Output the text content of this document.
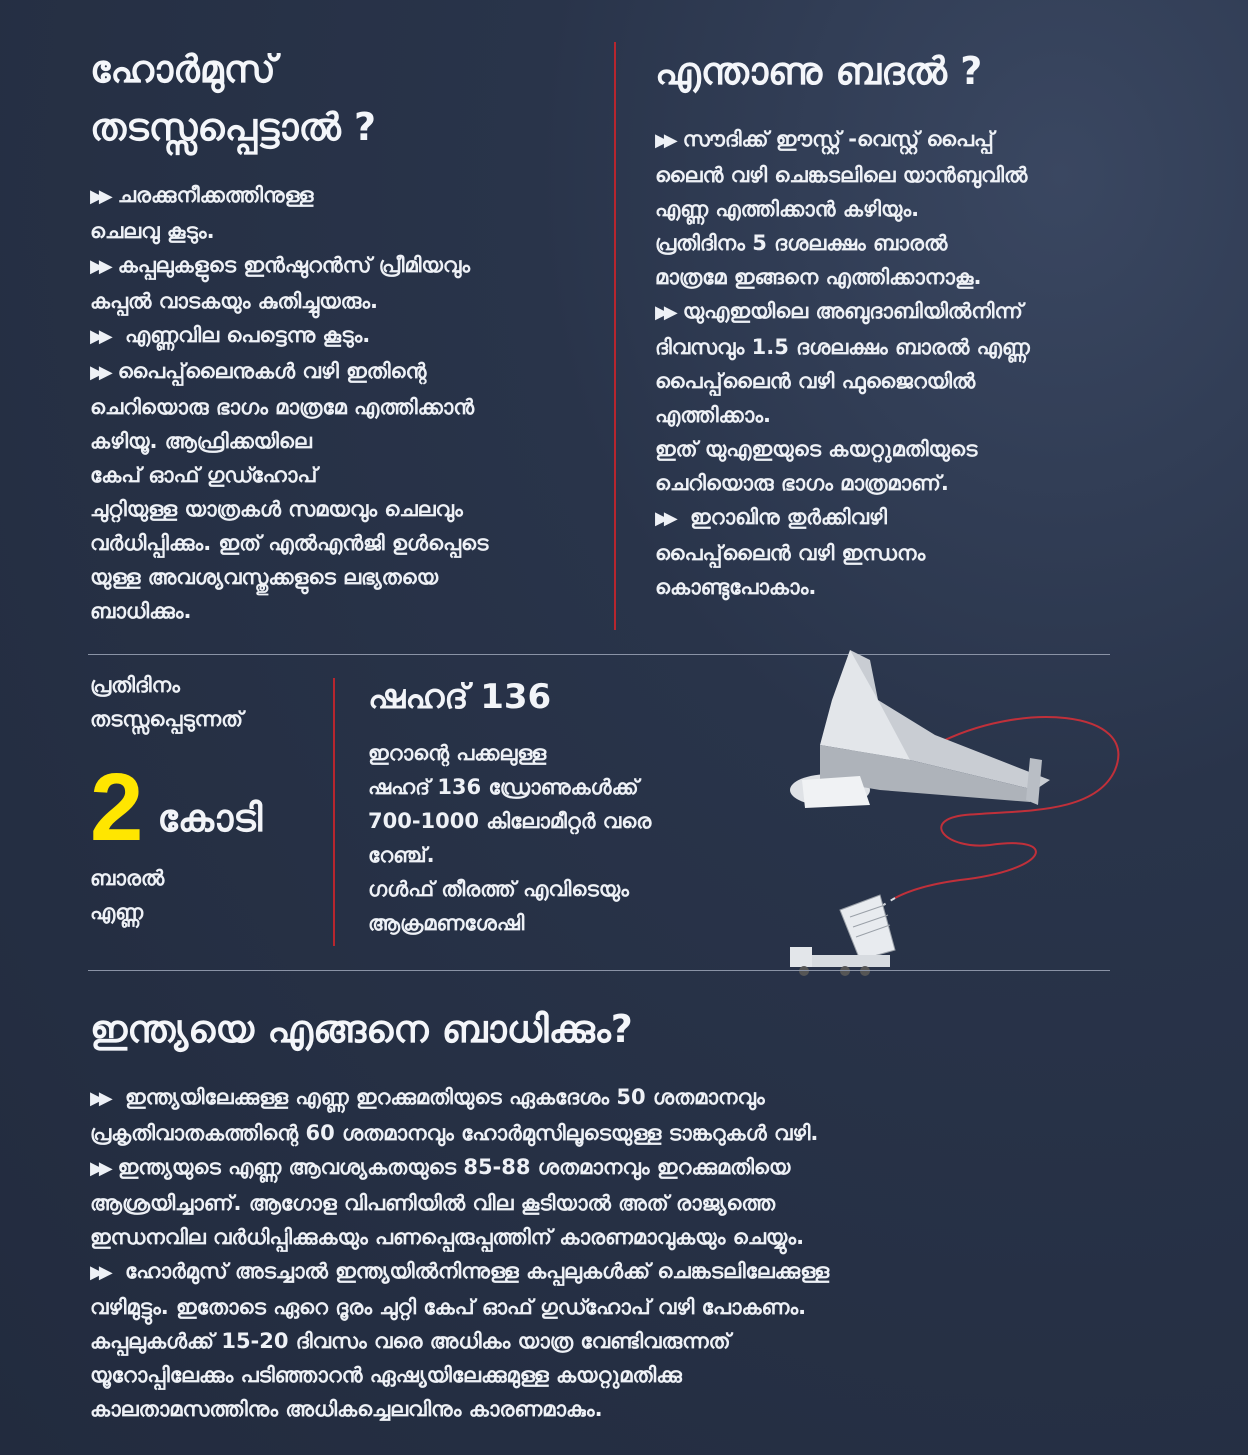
ഹോർമുസ്
തടസ്സപ്പെട്ടാൽ ?
▶▶ ചരക്കുനീക്കത്തിനുള്ള
ചെലവു കൂടും.
▶▶ കപ്പലുകളുടെ ഇൻഷുറൻസ് പ്രീമിയവും
കപ്പൽ വാടകയും കുതിച്ചുയരും.
▶▶ എണ്ണവില പെട്ടെന്നു കൂടും.
▶▶ പൈപ്പ്‌ലൈനുകൾ വഴി ഇതിന്റെ
ചെറിയൊരു ഭാഗം മാത്രമേ എത്തിക്കാൻ
കഴിയൂ. ആഫ്രിക്കയിലെ
കേപ് ഓഫ് ഗുഡ്ഹോപ്
ചുറ്റിയുള്ള യാത്രകൾ സമയവും ചെലവും
വർധിപ്പിക്കും. ഇത് എൽഎൻജി ഉൾപ്പെടെ
യുള്ള അവശ്യവസ്തുക്കളുടെ ലഭ്യതയെ
ബാധിക്കും.
എന്താണു ബദൽ ?
▶▶ സൗദിക്ക് ഈസ്റ്റ് -വെസ്റ്റ് പൈപ്പ്
ലൈൻ വഴി ചെങ്കടലിലെ യാൻബുവിൽ
എണ്ണ എത്തിക്കാൻ കഴിയും.
പ്രതിദിനം 5 ദശലക്ഷം ബാരൽ
മാത്രമേ ഇങ്ങനെ എത്തിക്കാനാകൂ.
▶▶ യുഎഇയിലെ അബുദാബിയിൽനിന്ന്
ദിവസവും 1.5 ദശലക്ഷം ബാരൽ എണ്ണ
പൈപ്പ്‌ലൈൻ വഴി ഫുജൈറയിൽ
എത്തിക്കാം.
ഇത് യുഎഇയുടെ കയറ്റുമതിയുടെ
ചെറിയൊരു ഭാഗം മാത്രമാണ്.
▶▶ ഇറാഖിനു തുർക്കിവഴി
പൈപ്പ്‌ലൈൻ വഴി ഇന്ധനം
കൊണ്ടുപോകാം.
പ്രതിദിനം
തടസ്സപ്പെടുന്നത്
2 കോടി
ബാരൽ
എണ്ണ
ഷഹദ് 136
ഇറാന്റെ പക്കലുള്ള
ഷഹദ് 136 ഡ്രോണുകൾക്ക്
700-1000 കിലോമീറ്റർ വരെ
റേഞ്ച്.
ഗൾഫ് തീരത്ത് എവിടെയും
ആക്രമണശേഷി
ഇന്ത്യയെ എങ്ങനെ ബാധിക്കും?
▶▶ ഇന്ത്യയിലേക്കുള്ള എണ്ണ ഇറക്കുമതിയുടെ ഏകദേശം 50 ശതമാനവും
പ്രകൃതിവാതകത്തിന്റെ 60 ശതമാനവും ഹോർമുസിലൂടെയുള്ള ടാങ്കറുകൾ വഴി.
▶▶ ഇന്ത്യയുടെ എണ്ണ ആവശ്യകതയുടെ 85-88 ശതമാനവും ഇറക്കുമതിയെ
ആശ്രയിച്ചാണ്. ആഗോള വിപണിയിൽ വില കൂടിയാൽ അത് രാജ്യത്തെ
ഇന്ധനവില വർധിപ്പിക്കുകയും പണപ്പെരുപ്പത്തിന് കാരണമാവുകയും ചെയ്യും.
▶▶ ഹോർമുസ് അടച്ചാൽ ഇന്ത്യയിൽനിന്നുള്ള കപ്പലുകൾക്ക് ചെങ്കടലിലേക്കുള്ള
വഴിമുട്ടും. ഇതോടെ ഏറെ ദൂരം ചുറ്റി കേപ് ഓഫ് ഗുഡ്ഹോപ് വഴി പോകണം.
കപ്പലുകൾക്ക് 15-20 ദിവസം വരെ അധികം യാത്ര വേണ്ടിവരുന്നത്
യൂറോപ്പിലേക്കും പടിഞ്ഞാറൻ ഏഷ്യയിലേക്കുമുള്ള കയറ്റുമതിക്കു
കാലതാമസത്തിനും അധികച്ചെലവിനും കാരണമാകും.
